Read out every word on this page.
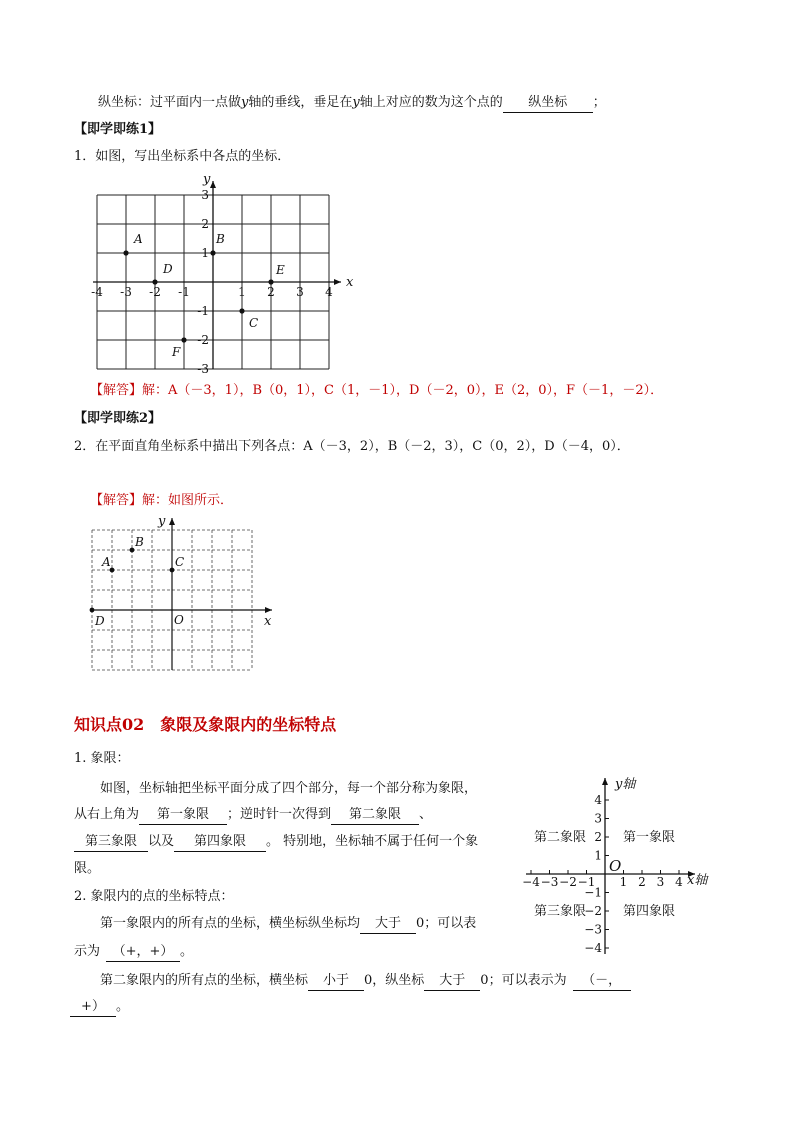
纵坐标：过平面内一点做y轴的垂线，垂足在y轴上对应的数为这个点的 纵坐标 ；
【即学即练1】
1．如图，写出坐标系中各点的坐标．
x
y
-4 -3 -2 -1	1 2 3 4
3
2
1
-1
-2
-3
A	B
C
D	E
F
x
y
O
A
B
C
D
【解答】解：A（－3，1），B（0，1），C（1，－1），D（－2，0），E（2，0），F（－1，－2）．
【即学即练2】
2．在平面直角坐标系中描出下列各点：A（－3，2），B（－2，3），C（0，2），D（－4，0）．
【解答】解：如图所示．
知识点02　象限及象限内的坐标特点
1. 象限：
如图，坐标轴把坐标平面分成了四个部分，每一个部分称为象限，
从右上角为 第一象限 ；逆时针一次得到 第二象限 、
第三象限 以及 第四象限 。 特别地，坐标轴不属于任何一个象
限。
2. 象限内的点的坐标特点：
第一象限内的所有点的坐标，横坐标纵坐标均 大于 0；可以表
示为 （+，+） 。
第二象限内的所有点的坐标，横坐标 小于 0，纵坐标 大于 0；可以表示为 （－，
+） 。
x轴
y轴
O
−4 −3 −2 −1 1 2 3 4
4
3
2
1
−1
−2
−3
−4
第一象限
第二象限
第三象限	第四象限
